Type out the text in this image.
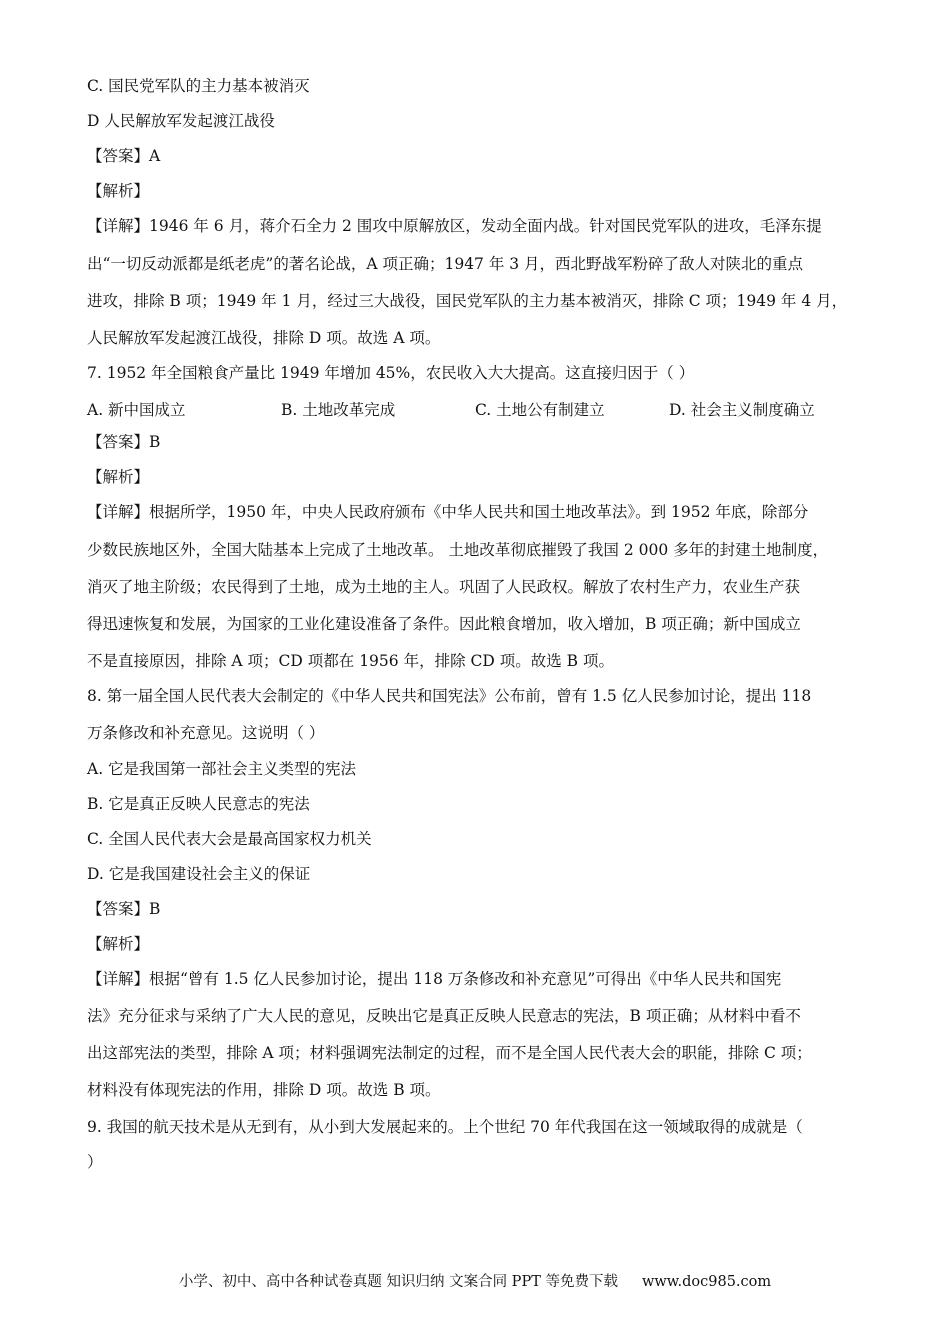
C. 国民党军队的主力基本被消灭
D 人民解放军发起渡江战役
【答案】A
【解析】
【详解】1946 年 6 月，蒋介石全力 2 围攻中原解放区，发动全面内战。针对国民党军队的进攻，毛泽东提
出“一切反动派都是纸老虎”的著名论战，A 项正确；1947 年 3 月，西北野战军粉碎了敌人对陕北的重点
进攻，排除 B 项；1949 年 1 月，经过三大战役，国民党军队的主力基本被消灭，排除 C 项；1949 年 4 月，
人民解放军发起渡江战役，排除 D 项。故选 A 项。
7. 1952 年全国粮食产量比 1949 年增加 45%，农民收入大大提高。这直接归因于（ ）
A. 新中国成立	B. 土地改革完成	C. 土地公有制建立	D. 社会主义制度确立
【答案】B
【解析】
【详解】根据所学，1950 年，中央人民政府颁布《中华人民共和国土地改革法》。到 1952 年底，除部分
少数民族地区外，全国大陆基本上完成了土地改革。 土地改革彻底摧毁了我国 2 000 多年的封建土地制度，
消灭了地主阶级；农民得到了土地，成为土地的主人。巩固了人民政权。解放了农村生产力，农业生产获
得迅速恢复和发展，为国家的工业化建设准备了条件。因此粮食增加，收入增加，B 项正确；新中国成立
不是直接原因，排除 A 项；CD 项都在 1956 年，排除 CD 项。故选 B 项。
8. 第一届全国人民代表大会制定的《中华人民共和国宪法》公布前，曾有 1.5 亿人民参加讨论，提出 118
万条修改和补充意见。这说明（ ）
A. 它是我国第一部社会主义类型的宪法
B. 它是真正反映人民意志的宪法
C. 全国人民代表大会是最高国家权力机关
D. 它是我国建设社会主义的保证
【答案】B
【解析】
【详解】根据“曾有 1.5 亿人民参加讨论，提出 118 万条修改和补充意见”可得出《中华人民共和国宪
法》充分征求与采纳了广大人民的意见，反映出它是真正反映人民意志的宪法，B 项正确；从材料中看不
出这部宪法的类型，排除 A 项；材料强调宪法制定的过程，而不是全国人民代表大会的职能，排除 C 项；
材料没有体现宪法的作用，排除 D 项。故选 B 项。
9. 我国的航天技术是从无到有，从小到大发展起来的。上个世纪 70 年代我国在这一领域取得的成就是（
）
小学、初中、高中各种试卷真题 知识归纳 文案合同 PPT 等免费下载 www.doc985.com
